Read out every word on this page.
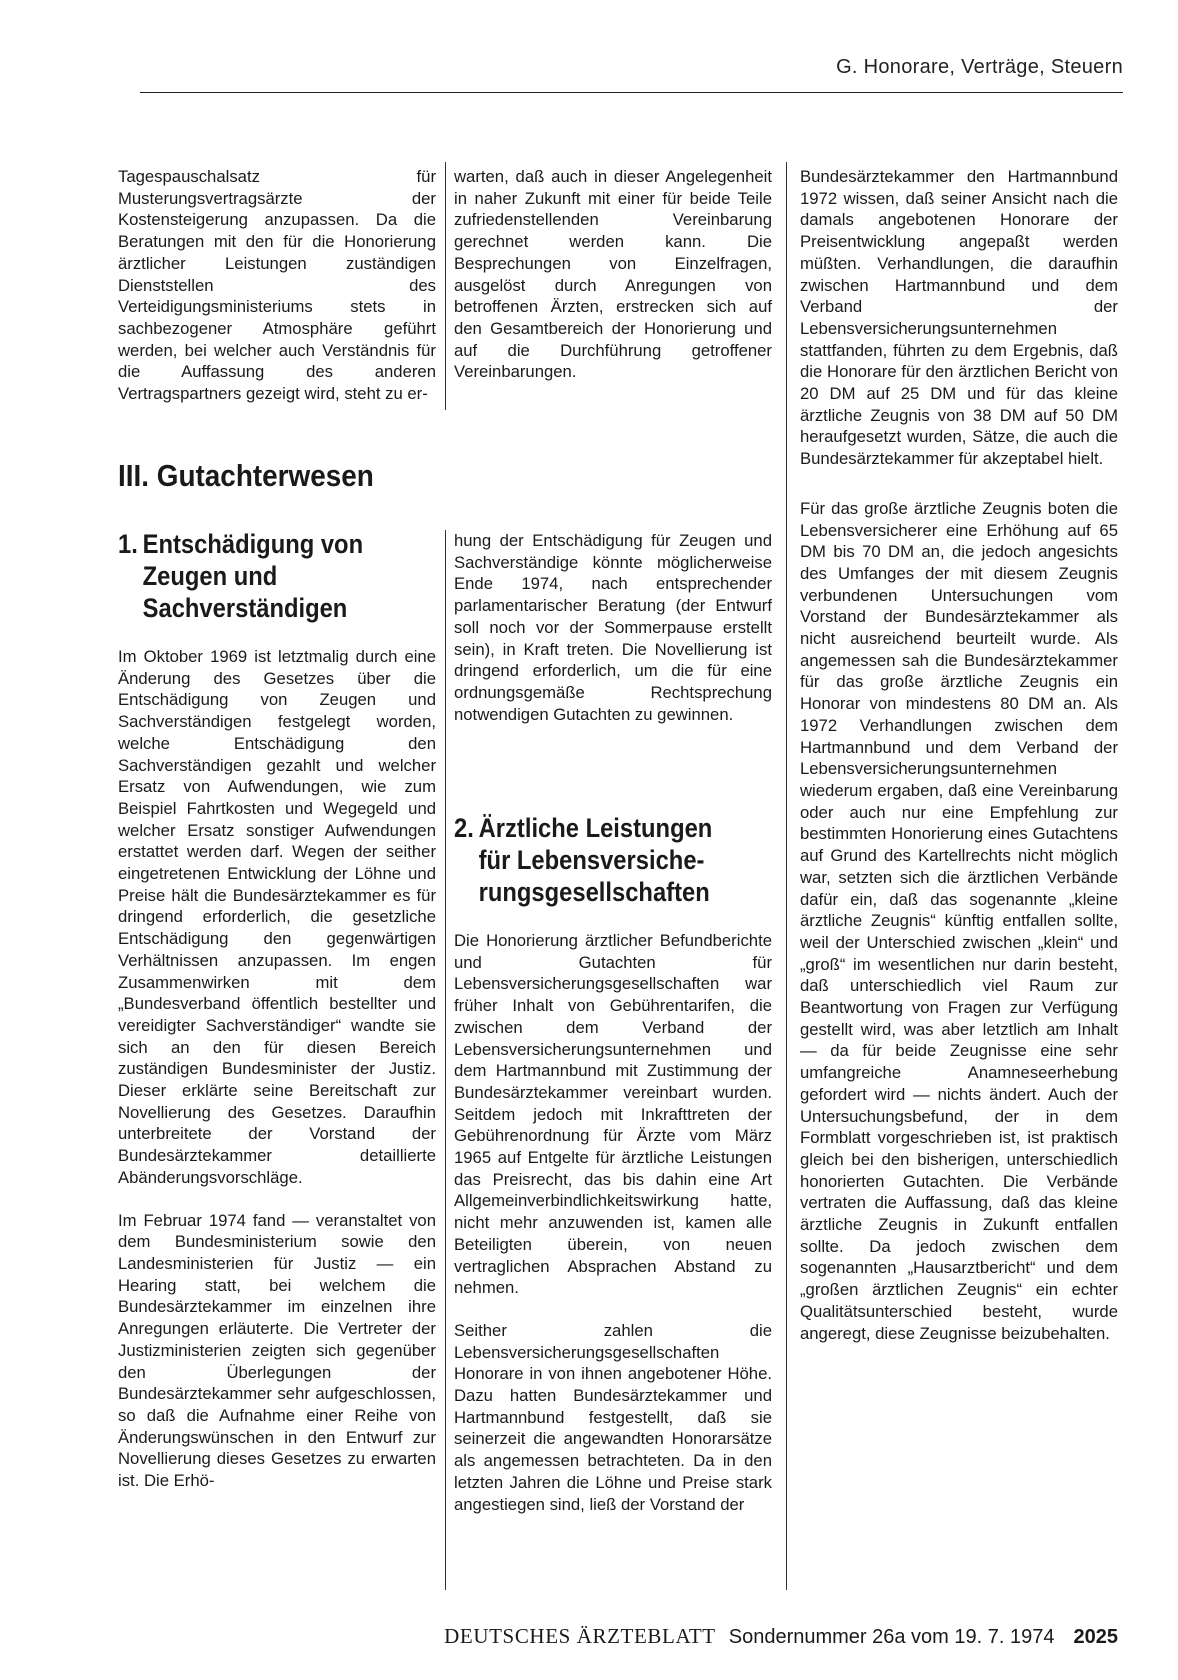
G. Honorare, Verträge, Steuern

Tagespauschalsatz für Musterungsvertragsärzte der Kostensteigerung anzupassen. Da die Beratungen mit den für die Honorierung ärztlicher Leistungen zuständigen Dienststellen des Verteidigungsministeriums stets in sachbezogener Atmosphäre geführt werden, bei welcher auch Verständnis für die Auffassung des anderen Vertragspartners gezeigt wird, steht zu er-

III. Gutachterwesen
1. Entschädigung von
Zeugen und
Sachverständigen

Im Oktober 1969 ist letztmalig durch eine Änderung des Gesetzes über die Entschädigung von Zeugen und Sachverständigen festgelegt worden, welche Entschädigung den Sachverständigen gezahlt und welcher Ersatz von Aufwendungen, wie zum Beispiel Fahrtkosten und Wegegeld und welcher Ersatz sonstiger Aufwendungen erstattet werden darf. Wegen der seither eingetretenen Entwicklung der Löhne und Preise hält die Bundesärztekammer es für dringend erforderlich, die gesetzliche Entschädigung den gegenwärtigen Verhältnissen anzupassen. Im engen Zusammenwirken mit dem „Bundesverband öffentlich bestellter und vereidigter Sachverständiger“ wandte sie sich an den für diesen Bereich zuständigen Bundesminister der Justiz. Dieser erklärte seine Bereitschaft zur Novellierung des Gesetzes. Daraufhin unterbreitete der Vorstand der Bundesärztekammer detaillierte Abänderungsvorschläge.

Im Februar 1974 fand — veranstaltet von dem Bundesministerium sowie den Landesministerien für Justiz — ein Hearing statt, bei welchem die Bundesärztekammer im einzelnen ihre Anregungen erläuterte. Die Vertreter der Justizministerien zeigten sich gegenüber den Überlegungen der Bundesärztekammer sehr aufgeschlossen, so daß die Aufnahme einer Reihe von Änderungswünschen in den Entwurf zur Novellierung dieses Gesetzes zu erwarten ist. Die Erhö-

warten, daß auch in dieser Angelegenheit in naher Zukunft mit einer für beide Teile zufriedenstellenden Vereinbarung gerechnet werden kann. Die Besprechungen von Einzelfragen, ausgelöst durch Anregungen von betroffenen Ärzten, erstrecken sich auf den Gesamtbereich der Honorierung und auf die Durchführung getroffener Vereinbarungen.

hung der Entschädigung für Zeugen und Sachverständige könnte möglicherweise Ende 1974, nach entsprechender parlamentarischer Beratung (der Entwurf soll noch vor der Sommerpause erstellt sein), in Kraft treten. Die Novellierung ist dringend erforderlich, um die für eine ordnungsgemäße Rechtsprechung notwendigen Gutachten zu gewinnen.

2. Ärztliche Leistungen
für Lebensversiche-
rungsgesellschaften

Die Honorierung ärztlicher Befundberichte und Gutachten für Lebensversicherungsgesellschaften war früher Inhalt von Gebührentarifen, die zwischen dem Verband der Lebensversicherungsunternehmen und dem Hartmannbund mit Zustimmung der Bundesärztekammer vereinbart wurden. Seitdem jedoch mit Inkrafttreten der Gebührenordnung für Ärzte vom März 1965 auf Entgelte für ärztliche Leistungen das Preisrecht, das bis dahin eine Art Allgemeinverbindlichkeitswirkung hatte, nicht mehr anzuwenden ist, kamen alle Beteiligten überein, von neuen vertraglichen Absprachen Abstand zu nehmen.

Seither zahlen die Lebensversicherungsgesellschaften Honorare in von ihnen angebotener Höhe. Dazu hatten Bundesärztekammer und Hartmannbund festgestellt, daß sie seinerzeit die angewandten Honorarsätze als angemessen betrachteten. Da in den letzten Jahren die Löhne und Preise stark angestiegen sind, ließ der Vorstand der

Bundesärztekammer den Hartmannbund 1972 wissen, daß seiner Ansicht nach die damals angebotenen Honorare der Preisentwicklung angepaßt werden müßten. Verhandlungen, die daraufhin zwischen Hartmannbund und dem Verband der Lebensversicherungsunternehmen stattfanden, führten zu dem Ergebnis, daß die Honorare für den ärztlichen Bericht von 20 DM auf 25 DM und für das kleine ärztliche Zeugnis von 38 DM auf 50 DM heraufgesetzt wurden, Sätze, die auch die Bundesärztekammer für akzeptabel hielt.

Für das große ärztliche Zeugnis boten die Lebensversicherer eine Erhöhung auf 65 DM bis 70 DM an, die jedoch angesichts des Umfanges der mit diesem Zeugnis verbundenen Untersuchungen vom Vorstand der Bundesärztekammer als nicht ausreichend beurteilt wurde. Als angemessen sah die Bundesärztekammer für das große ärztliche Zeugnis ein Honorar von mindestens 80 DM an. Als 1972 Verhandlungen zwischen dem Hartmannbund und dem Verband der Lebensversicherungsunternehmen wiederum ergaben, daß eine Vereinbarung oder auch nur eine Empfehlung zur bestimmten Honorierung eines Gutachtens auf Grund des Kartellrechts nicht möglich war, setzten sich die ärztlichen Verbände dafür ein, daß das sogenannte „kleine ärztliche Zeugnis“ künftig entfallen sollte, weil der Unterschied zwischen „klein“ und „groß“ im wesentlichen nur darin besteht, daß unterschiedlich viel Raum zur Beantwortung von Fragen zur Verfügung gestellt wird, was aber letztlich am Inhalt — da für beide Zeugnisse eine sehr umfangreiche Anamneseerhebung gefordert wird — nichts ändert. Auch der Untersuchungsbefund, der in dem Formblatt vorgeschrieben ist, ist praktisch gleich bei den bisherigen, unterschiedlich honorierten Gutachten. Die Verbände vertraten die Auffassung, daß das kleine ärztliche Zeugnis in Zukunft entfallen sollte. Da jedoch zwischen dem sogenannten „Hausarztbericht“ und dem „großen ärztlichen Zeugnis“ ein echter Qualitätsunterschied besteht, wurde angeregt, diese Zeugnisse beizubehalten.

DEUTSCHES ÄRZTEBLATT Sondernummer 26a vom 19. 7. 1974 2025
